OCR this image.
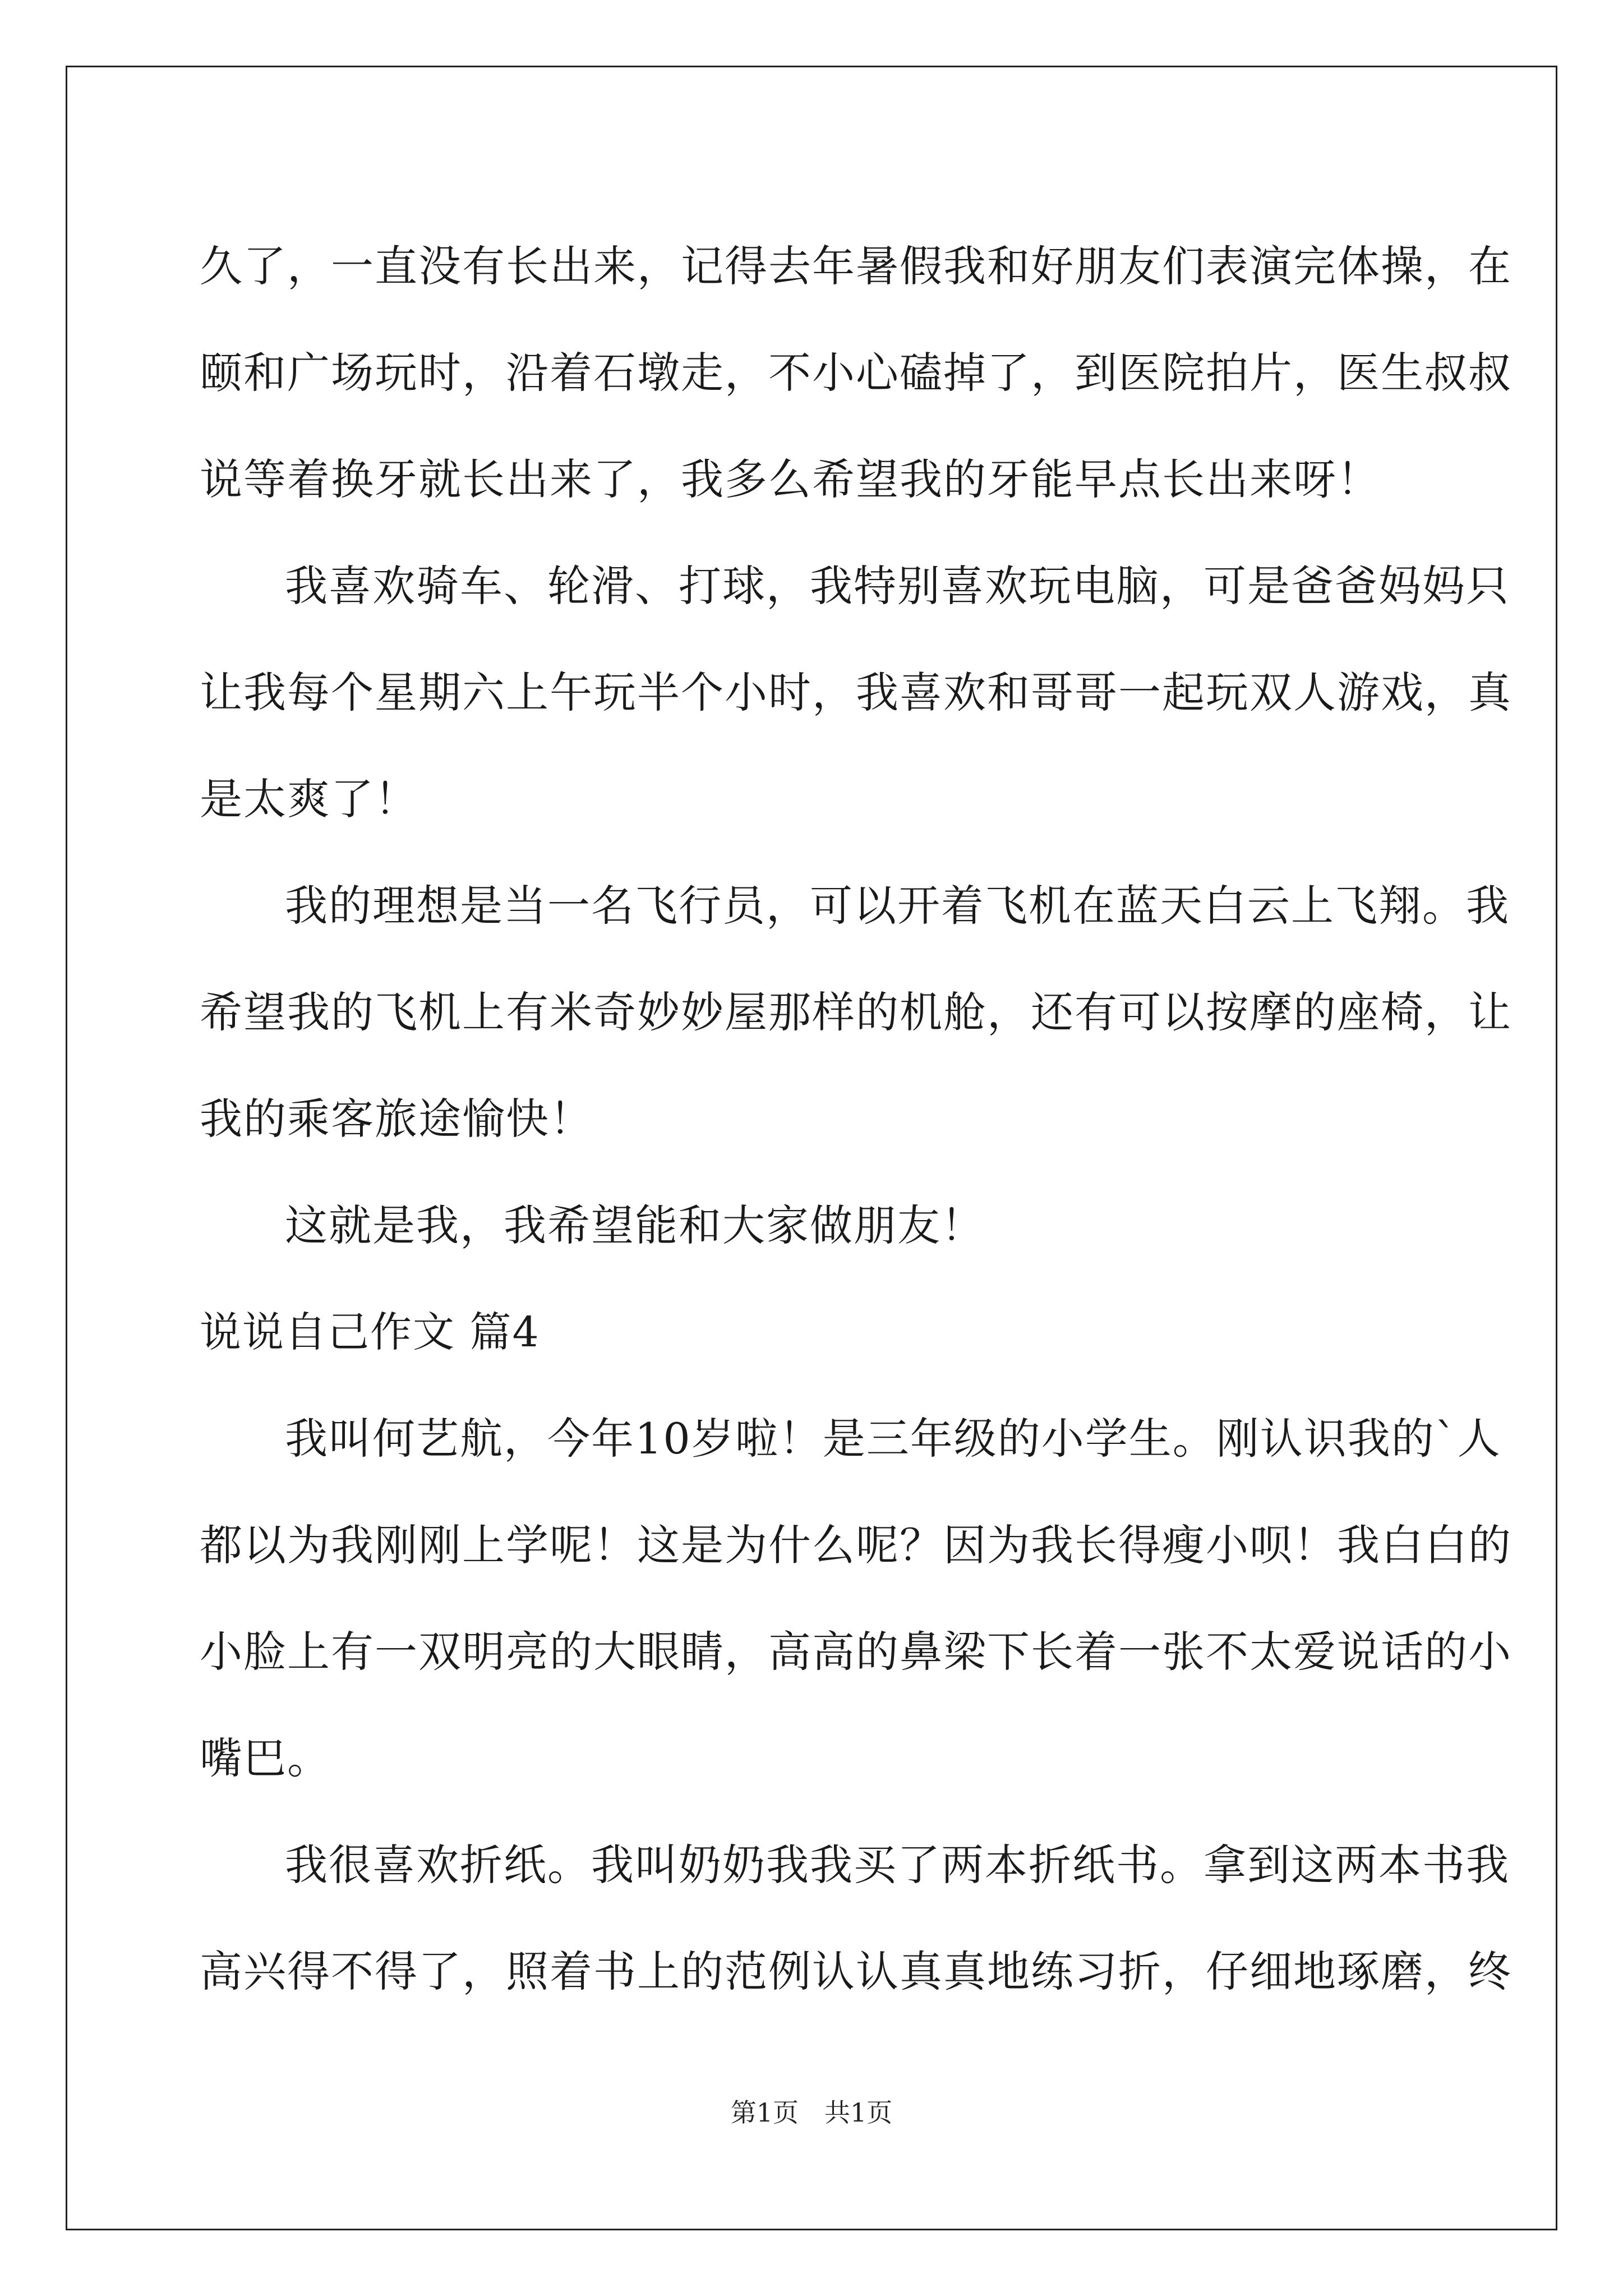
久了，一直没有长出来，记得去年暑假我和好朋友们表演完体操，在
颐和广场玩时，沿着石墩走，不小心磕掉了，到医院拍片，医生叔叔
说等着换牙就长出来了，我多么希望我的牙能早点长出来呀！
我喜欢骑车、轮滑、打球，我特别喜欢玩电脑，可是爸爸妈妈只
让我每个星期六上午玩半个小时，我喜欢和哥哥一起玩双人游戏，真
是太爽了！
我的理想是当一名飞行员，可以开着飞机在蓝天白云上飞翔。我
希望我的飞机上有米奇妙妙屋那样的机舱，还有可以按摩的座椅，让
我的乘客旅途愉快！
这就是我，我希望能和大家做朋友！
说说自己作文 篇4
我叫何艺航，今年10岁啦！是三年级的小学生。刚认识我的`人
都以为我刚刚上学呢！这是为什么呢？因为我长得瘦小呗！我白白的
小脸上有一双明亮的大眼睛，高高的鼻梁下长着一张不太爱说话的小
嘴巴。
我很喜欢折纸。我叫奶奶我我买了两本折纸书。拿到这两本书我
高兴得不得了，照着书上的范例认认真真地练习折，仔细地琢磨，终
第1页　共1页
